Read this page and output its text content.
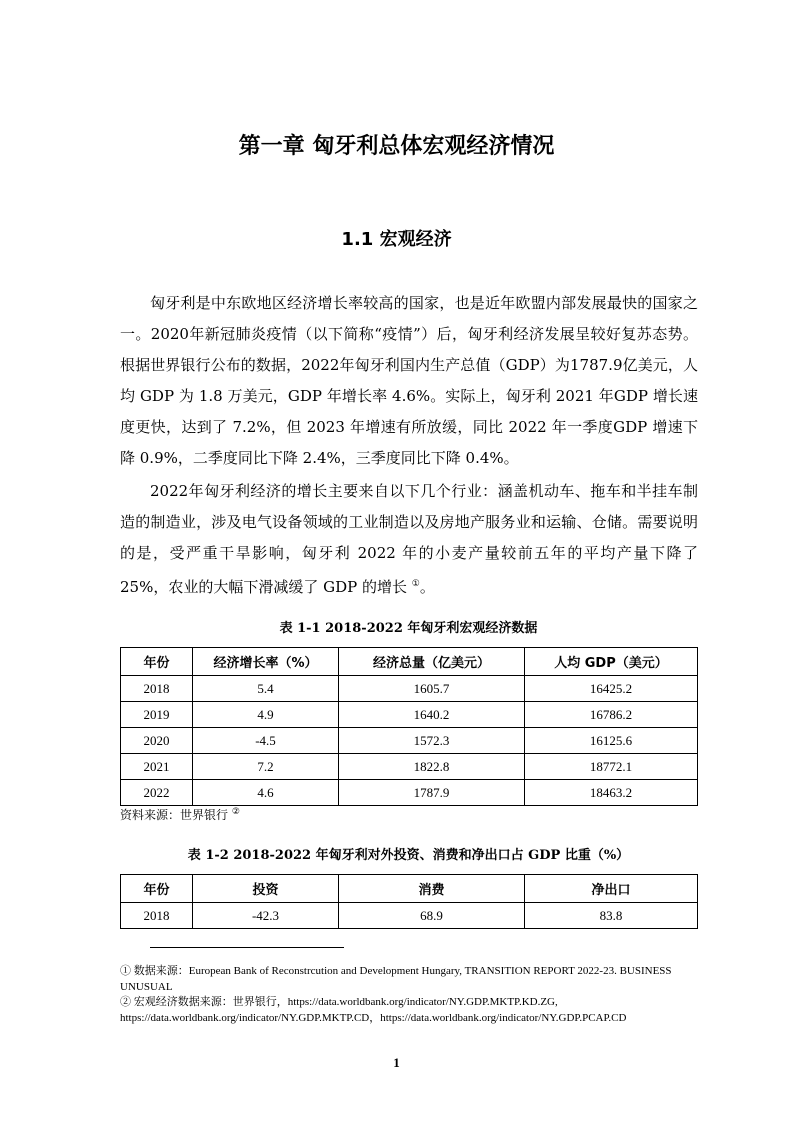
第一章 匈牙利总体宏观经济情况
1.1 宏观经济

匈牙利是中东欧地区经济增长率较高的国家，也是近年欧盟内部发展最快的国家之一。2020年新冠肺炎疫情（以下简称“疫情”）后，匈牙利经济发展呈较好复苏态势。根据世界银行公布的数据，2022年匈牙利国内生产总值（GDP）为1787.9亿美元，人均 GDP 为 1.8 万美元，GDP 年增长率 4.6%。实际上，匈牙利 2021 年GDP 增长速度更快，达到了 7.2%，但 2023 年增速有所放缓，同比 2022 年一季度GDP 增速下降 0.9%，二季度同比下降 2.4%，三季度同比下降 0.4%。

2022年匈牙利经济的增长主要来自以下几个行业：涵盖机动车、拖车和半挂车制造的制造业，涉及电气设备领域的工业制造以及房地产服务业和运输、仓储。需要说明的是，受严重干旱影响，匈牙利 2022 年的小麦产量较前五年的平均产量下降了 25%，农业的大幅下滑减缓了 GDP 的增长 ①。

表 1-1 2018-2022 年匈牙利宏观经济数据
年份	经济增长率（%）	经济总量（亿美元）	人均 GDP（美元）
2018	5.4	1605.7	16425.2
2019	4.9	1640.2	16786.2
2020	-4.5	1572.3	16125.6
2021	7.2	1822.8	18772.1
2022	4.6	1787.9	18463.2
资料来源：世界银行 ②
表 1-2 2018-2022 年匈牙利对外投资、消费和净出口占 GDP 比重（%）
年份	投资	消费	净出口
2018	-42.3	68.9	83.8
① 数据来源：European Bank of Reconstrcution and Development Hungary, TRANSITION REPORT 2022-23. BUSINESS UNUSUAL
② 宏观经济数据来源：世界银行，https://data.worldbank.org/indicator/NY.GDP.MKTP.KD.ZG, https://data.worldbank.org/indicator/NY.GDP.MKTP.CD，https://data.worldbank.org/indicator/NY.GDP.PCAP.CD
1
